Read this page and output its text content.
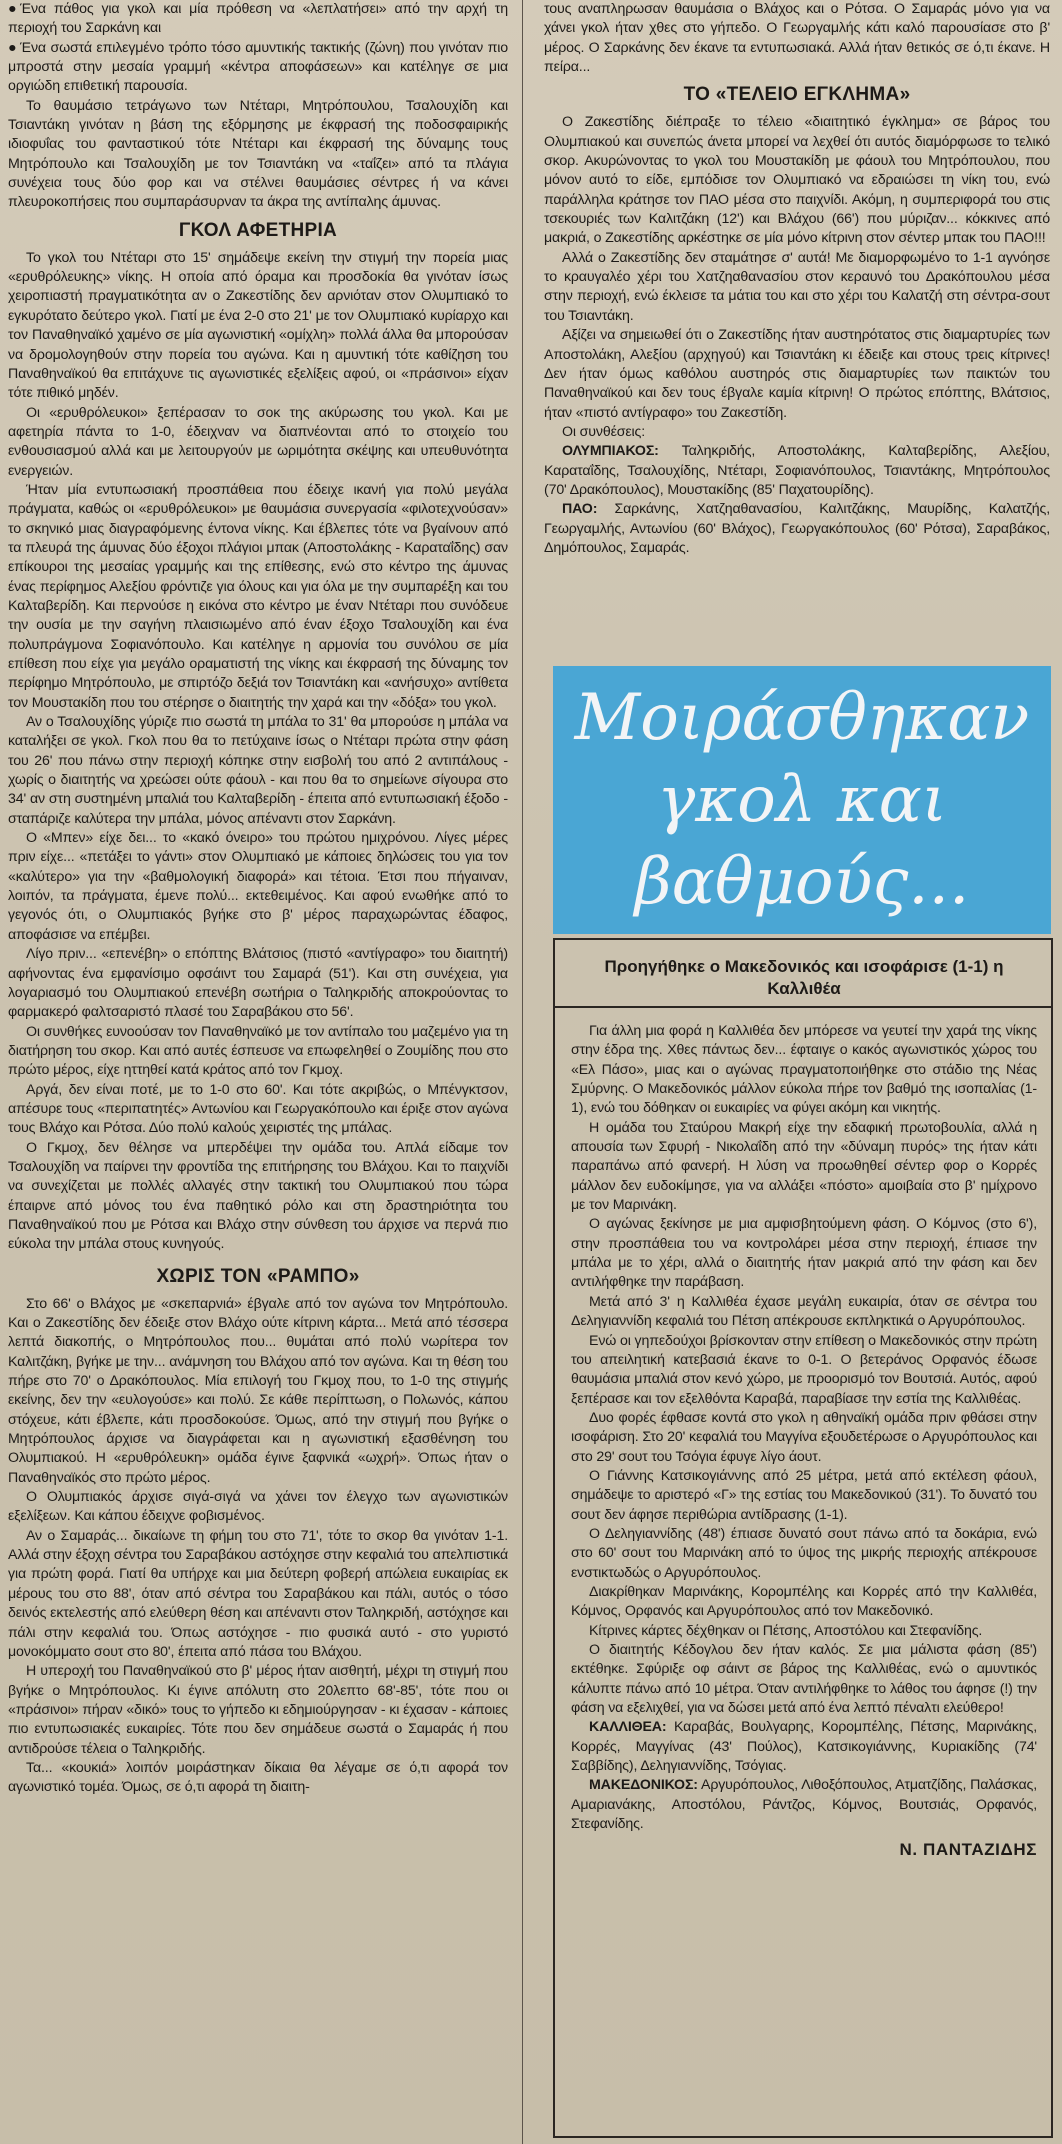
● Ένα πάθος για γκολ και μία πρόθεση να «λεπλατήσει» από την αρχή τη περιοχή του Σαρκάνη και

● Ένα σωστά επιλεγμένο τρόπο τόσο αμυντικής τακτικής (ζώνη) που γινόταν πιο μπροστά στην μεσαία γραμμή «κέντρα αποφάσεων» και κατέληγε σε μια οργιώδη επιθετική παρουσία.

Το θαυμάσιο τετράγωνο των Ντέταρι, Μητρόπουλου, Τσαλουχίδη και Τσιαντάκη γινόταν η βάση της εξόρμησης με έκφρασή της ποδοσφαιρικής ιδιοφυΐας του φανταστικού τότε Ντέταρι και έκφρασή της δύναμης τους Μητρόπουλο και Τσαλουχίδη με τον Τσιαντάκη να «ταΐζει» από τα πλάγια συνέχεια τους δύο φορ και να στέλνει θαυμάσιες σέντρες ή να κάνει πλευροκοπήσεις που συμπαράσυρναν τα άκρα της αντίπαλης άμυνας.

ΓΚΟΛ ΑΦΕΤΗΡΙΑ

Το γκολ του Ντέταρι στο 15' σημάδεψε εκείνη την στιγμή την πορεία μιας «ερυθρόλευκης» νίκης. Η οποία από όραμα και προσδοκία θα γινόταν ίσως χειροπιαστή πραγματικότητα αν ο Ζακεστίδης δεν αρνιόταν στον Ολυμπιακό το εγκυρότατο δεύτερο γκολ. Γιατί με ένα 2-0 στο 21' με τον Ολυμπιακό κυρίαρχο και τον Παναθηναϊκό χαμένο σε μία αγωνιστική «ομίχλη» πολλά άλλα θα μπορούσαν να δρομολογηθούν στην πορεία του αγώνα. Και η αμυντική τότε καθίζηση του Παναθηναϊκού θα επιτάχυνε τις αγωνιστικές εξελίξεις αφού, οι «πράσινοι» είχαν τότε πιθικό μηδέν.

Οι «ερυθρόλευκοι» ξεπέρασαν το σοκ της ακύρωσης του γκολ. Και με αφετηρία πάντα το 1-0, έδειχναν να διαπνέονται από το στοιχείο του ενθουσιασμού αλλά και με λειτουργούν με ωριμότητα σκέψης και υπευθυνότητα ενεργειών.

Ήταν μία εντυπωσιακή προσπάθεια που έδειχε ικανή για πολύ μεγάλα πράγματα, καθώς οι «ερυθρόλευκοι» με θαυμάσια συνεργασία «φιλοτεχνούσαν» το σκηνικό μιας διαγραφόμενης έντονα νίκης. Και έβλεπες τότε να βγαίνουν από τα πλευρά της άμυνας δύο έξοχοι πλάγιοι μπακ (Αποστολάκης - Καραταΐδης) σαν επίκουροι της μεσαίας γραμμής και της επίθεσης, ενώ στο κέντρο της άμυνας ένας περίφημος Αλεξίου φρόντιζε για όλους και για όλα με την συμπαρέξη και του Καλταβερίδη. Και περνούσε η εικόνα στο κέντρο με έναν Ντέταρι που συνόδευε την ουσία με την σαγήνη πλαισιωμένο από έναν έξοχο Τσαλουχίδη και ένα πολυπράγμονα Σοφιανόπουλο. Και κατέληγε η αρμονία του συνόλου σε μία επίθεση που είχε για μεγάλο οραματιστή της νίκης και έκφρασή της δύναμης τον περίφημο Μητρόπουλο, με σπιρτόζο δεξιά τον Τσιαντάκη και «ανήσυχο» αντίθετα τον Μουστακίδη που του στέρησε ο διαιτητής την χαρά και την «δόξα» του γκολ.

Αν ο Τσαλουχίδης γύριζε πιο σωστά τη μπάλα το 31' θα μπορούσε η μπάλα να καταλήξει σε γκολ. Γκολ που θα το πετύχαινε ίσως ο Ντέταρι πρώτα στην φάση του 26' που πάνω στην περιοχή κόπηκε στην εισβολή του από 2 αντιπάλους - χωρίς ο διαιτητής να χρεώσει ούτε φάουλ - και που θα το σημείωνε σίγουρα στο 34' αν στη συστημένη μπαλιά του Καλταβερίδη - έπειτα από εντυπωσιακή έξοδο - σταπάριζε καλύτερα την μπάλα, μόνος απέναντι στον Σαρκάνη.

Ο «Μπεν» είχε δει... το «κακό όνειρο» του πρώτου ημιχρόνου. Λίγες μέρες πριν είχε... «πετάξει το γάντι» στον Ολυμπιακό με κάποιες δηλώσεις του για τον «καλύτερο» για την «βαθμολογική διαφορά» και τέτοια. Έτσι που πήγαιναν, λοιπόν, τα πράγματα, έμενε πολύ... εκτεθειμένος. Και αφού ενωθήκε από το γεγονός ότι, ο Ολυμπιακός βγήκε στο β' μέρος παραχωρώντας έδαφος, αποφάσισε να επέμβει.

Λίγο πριν... «επενέβη» ο επόπτης Βλάτσιος (πιστό «αντίγραφο» του διαιτητή) αφήνοντας ένα εμφανίσιμο οφσάιντ του Σαμαρά (51'). Και στη συνέχεια, για λογαριασμό του Ολυμπιακού επενέβη σωτήρια ο Ταληκριδής αποκρούοντας το φαρμακερό φαλτσαριστό πλασέ του Σαραβάκου στο 56'.

Οι συνθήκες ευνοούσαν τον Παναθηναϊκό με τον αντίπαλο του μαζεμένο για τη διατήρηση του σκορ. Και από αυτές έσπευσε να επωφεληθεί ο Ζουμίδης που στο πρώτο μέρος, είχε ηττηθεί κατά κράτος από τον Γκμοχ.

Αργά, δεν είναι ποτέ, με το 1-0 στο 60'. Και τότε ακριβώς, ο Μπένγκτσον, απέσυρε τους «περιπατητές» Αντωνίου και Γεωργακόπουλο και έριξε στον αγώνα τους Βλάχο και Ρότσα. Δύο πολύ καλούς χειριστές της μπάλας.

Ο Γκμοχ, δεν θέλησε να μπερδέψει την ομάδα του. Απλά είδαμε τον Τσαλουχίδη να παίρνει την φροντίδα της επιτήρησης του Βλάχου. Και το παιχνίδι να συνεχίζεται με πολλές αλλαγές στην τακτική του Ολυμπιακού που τώρα έπαιρνε από μόνος του ένα παθητικό ρόλο και στη δραστηριότητα του Παναθηναϊκού που με Ρότσα και Βλάχο στην σύνθεση του άρχισε να περνά πιο εύκολα την μπάλα στους κυνηγούς.

ΧΩΡΙΣ ΤΟΝ «ΡΑΜΠΟ»

Στο 66' ο Βλάχος με «σκεπαρνιά» έβγαλε από τον αγώνα τον Μητρόπουλο. Και ο Ζακεστίδης δεν έδειξε στον Βλάχο ούτε κίτρινη κάρτα... Μετά από τέσσερα λεπτά διακοπής, ο Μητρόπουλος που... θυμάται από πολύ νωρίτερα τον Καλιτζάκη, βγήκε με την... ανάμνηση του Βλάχου από τον αγώνα. Και τη θέση του πήρε στο 70' ο Δρακόπουλος. Μία επιλογή του Γκμοχ που, το 1-0 της στιγμής εκείνης, δεν την «ευλογούσε» και πολύ. Σε κάθε περίπτωση, ο Πολωνός, κάπου στόχευε, κάτι έβλεπε, κάτι προσδοκούσε. Όμως, από την στιγμή που βγήκε ο Μητρόπουλος άρχισε να διαγράφεται και η αγωνιστική εξασθένηση του Ολυμπιακού. Η «ερυθρόλευκη» ομάδα έγινε ξαφνικά «ωχρή». Όπως ήταν ο Παναθηναϊκός στο πρώτο μέρος.

Ο Ολυμπιακός άρχισε σιγά-σιγά να χάνει τον έλεγχο των αγωνιστικών εξελίξεων. Και κάπου έδειχνε φοβισμένος.

Αν ο Σαμαράς... δικαίωνε τη φήμη του στο 71', τότε το σκορ θα γινόταν 1-1. Αλλά στην έξοχη σέντρα του Σαραβάκου αστόχησε στην κεφαλιά του απελπιστικά για πρώτη φορά. Γιατί θα υπήρχε και μια δεύτερη φοβερή απώλεια ευκαιρίας εκ μέρους του στο 88', όταν από σέντρα του Σαραβάκου και πάλι, αυτός ο τόσο δεινός εκτελεστής από ελεύθερη θέση και απέναντι στον Ταληκριδή, αστόχησε και πάλι στην κεφαλιά του. Όπως αστόχησε - πιο φυσικά αυτό - στο γυριστό μονοκόμματο σουτ στο 80', έπειτα από πάσα του Βλάχου.

Η υπεροχή του Παναθηναϊκού στο β' μέρος ήταν αισθητή, μέχρι τη στιγμή που βγήκε ο Μητρόπουλος. Κι έγινε απόλυτη στο 20λεπτο 68'-85', τότε που οι «πράσινοι» πήραν «δικό» τους το γήπεδο κι εδημιούργησαν - κι έχασαν - κάποιες πιο εντυπωσιακές ευκαιρίες. Τότε που δεν σημάδευε σωστά ο Σαμαράς ή που αντιδρούσε τέλεια ο Ταληκριδής.

Τα... «κουκιά» λοιπόν μοιράστηκαν δίκαια θα λέγαμε σε ό,τι αφορά τον αγωνιστικό τομέα. Όμως, σε ό,τι αφορά τη διαιτη-

τους αναπληρωσαν θαυμάσια ο Βλάχος και ο Ρότσα. Ο Σαμαράς μόνο για να χάνει γκολ ήταν χθες στο γήπεδο. Ο Γεωργαμλής κάτι καλό παρουσίασε στο β' μέρος. Ο Σαρκάνης δεν έκανε τα εντυπωσιακά. Αλλά ήταν θετικός σε ό,τι έκανε. Η πείρα...

ΤΟ «ΤΕΛΕΙΟ ΕΓΚΛΗΜΑ»

Ο Ζακεστίδης διέπραξε το τέλειο «διαιτητικό έγκλημα» σε βάρος του Ολυμπιακού και συνεπώς άνετα μπορεί να λεχθεί ότι αυτός διαμόρφωσε το τελικό σκορ. Ακυρώνοντας το γκολ του Μουστακίδη με φάουλ του Μητρόπουλου, που μόνον αυτό το είδε, εμπόδισε τον Ολυμπιακό να εδραιώσει τη νίκη του, ενώ παράλληλα κράτησε τον ΠΑΟ μέσα στο παιχνίδι. Ακόμη, η συμπεριφορά του στις τσεκουριές των Καλιτζάκη (12') και Βλάχου (66') που μύριζαν... κόκκινες από μακριά, ο Ζακεστίδης αρκέστηκε σε μία μόνο κίτρινη στον σέντερ μπακ του ΠΑΟ!!!

Αλλά ο Ζακεστίδης δεν σταμάτησε σ' αυτά! Με διαμορφωμένο το 1-1 αγνόησε το κραυγαλέο χέρι του Χατζηαθανασίου στον κεραυνό του Δρακόπουλου μέσα στην περιοχή, ενώ έκλεισε τα μάτια του και στο χέρι του Καλατζή στη σέντρα-σουτ του Τσιαντάκη.

Αξίζει να σημειωθεί ότι ο Ζακεστίδης ήταν αυστηρότατος στις διαμαρτυρίες των Αποστολάκη, Αλεξίου (αρχηγού) και Τσιαντάκη κι έδειξε και στους τρεις κίτρινες! Δεν ήταν όμως καθόλου αυστηρός στις διαμαρτυρίες των παικτών του Παναθηναϊκού και δεν τους έβγαλε καμία κίτρινη! Ο πρώτος επόπτης, Βλάτσιος, ήταν «πιστό αντίγραφο» του Ζακεστίδη.

Οι συνθέσεις:

ΟΛΥΜΠΙΑΚΟΣ: Ταληκριδής, Αποστολάκης, Καλταβερίδης, Αλεξίου, Καραταΐδης, Τσαλουχίδης, Ντέταρι, Σοφιανόπουλος, Τσιαντάκης, Μητρόπουλος (70' Δρακόπουλος), Μουστακίδης (85' Παχατουρίδης).

ΠΑΟ: Σαρκάνης, Χατζηαθανασίου, Καλιτζάκης, Μαυρίδης, Καλατζής, Γεωργαμλής, Αντωνίου (60' Βλάχος), Γεωργακόπουλος (60' Ρότσα), Σαραβάκος, Δημόπουλος, Σαμαράς.

Μοιράσθηκαν
γκολ και
βαθμούς...
Προηγήθηκε ο Μακεδονικός και ισοφάρισε (1-1) η Καλλιθέα

Για άλλη μια φορά η Καλλιθέα δεν μπόρεσε να γευτεί την χαρά της νίκης στην έδρα της. Χθες πάντως δεν... έφταιγε ο κακός αγωνιστικός χώρος του «Ελ Πάσο», μιας και ο αγώνας πραγματοποιήθηκε στο στάδιο της Νέας Σμύρνης. Ο Μακεδονικός μάλλον εύκολα πήρε τον βαθμό της ισοπαλίας (1-1), ενώ του δόθηκαν οι ευκαιρίες να φύγει ακόμη και νικητής.

Η ομάδα του Σταύρου Μακρή είχε την εδαφική πρωτοβουλία, αλλά η απουσία των Σφυρή - Νικολαΐδη από την «δύναμη πυρός» της ήταν κάτι παραπάνω από φανερή. Η λύση να προωθηθεί σέντερ φορ ο Κορρές μάλλον δεν ευδοκίμησε, για να αλλάξει «πόστο» αμοιβαία στο β' ημίχρονο με τον Μαρινάκη.

Ο αγώνας ξεκίνησε με μια αμφισβητούμενη φάση. Ο Κόμνος (στο 6'), στην προσπάθεια του να κοντρολάρει μέσα στην περιοχή, έπιασε την μπάλα με το χέρι, αλλά ο διαιτητής ήταν μακριά από την φάση και δεν αντιλήφθηκε την παράβαση.

Μετά από 3' η Καλλιθέα έχασε μεγάλη ευκαιρία, όταν σε σέντρα του Δεληγιαννίδη κεφαλιά του Πέτση απέκρουσε εκπληκτικά ο Αργυρόπουλος.

Ενώ οι γηπεδούχοι βρίσκονταν στην επίθεση ο Μακεδονικός στην πρώτη του απειλητική κατεβασιά έκανε το 0-1. Ο βετεράνος Ορφανός έδωσε θαυμάσια μπαλιά στον κενό χώρο, με προορισμό τον Βουτσιά. Αυτός, αφού ξεπέρασε και τον εξελθόντα Καραβά, παραβίασε την εστία της Καλλιθέας.

Δυο φορές έφθασε κοντά στο γκολ η αθηναϊκή ομάδα πριν φθάσει στην ισοφάριση. Στο 20' κεφαλιά του Μαγγίνα εξουδετέρωσε ο Αργυρόπουλος και στο 29' σουτ του Τσόγια έφυγε λίγο άουτ.

Ο Γιάννης Κατσικογιάννης από 25 μέτρα, μετά από εκτέλεση φάουλ, σημάδεψε το αριστερό «Γ» της εστίας του Μακεδονικού (31'). Το δυνατό του σουτ δεν άφησε περιθώρια αντίδρασης (1-1).

Ο Δεληγιαννίδης (48') έπιασε δυνατό σουτ πάνω από τα δοκάρια, ενώ στο 60' σουτ του Μαρινάκη από το ύψος της μικρής περιοχής απέκρουσε ενστικτωδώς ο Αργυρόπουλος.

Διακρίθηκαν Μαρινάκης, Κορομπέλης και Κορρές από την Καλλιθέα, Κόμνος, Ορφανός και Αργυρόπουλος από τον Μακεδονικό.

Κίτρινες κάρτες δέχθηκαν οι Πέτσης, Αποστόλου και Στεφανίδης.

Ο διαιτητής Κέδογλου δεν ήταν καλός. Σε μια μάλιστα φάση (85') εκτέθηκε. Σφύριξε οφ σάιντ σε βάρος της Καλλιθέας, ενώ ο αμυντικός κάλυπτε πάνω από 10 μέτρα. Όταν αντιλήφθηκε το λάθος του άφησε (!) την φάση να εξελιχθεί, για να δώσει μετά από ένα λεπτό πέναλτι ελεύθερο!

ΚΑΛΛΙΘΕΑ: Καραβάς, Βουλγαρης, Κορομπέλης, Πέτσης, Μαρινάκης, Κορρές, Μαγγίνας (43' Πούλος), Κατσικογιάννης, Κυριακίδης (74' Σαββίδης), Δεληγιαννίδης, Τσόγιας.

ΜΑΚΕΔΟΝΙΚΟΣ: Αργυρόπουλος, Λιθοξόπουλος, Ατματζίδης, Παλάσκας, Αμαριανάκης, Αποστόλου, Ράντζος, Κόμνος, Βουτσιάς, Ορφανός, Στεφανίδης.

Ν. ΠΑΝΤΑΖΙΔΗΣ
